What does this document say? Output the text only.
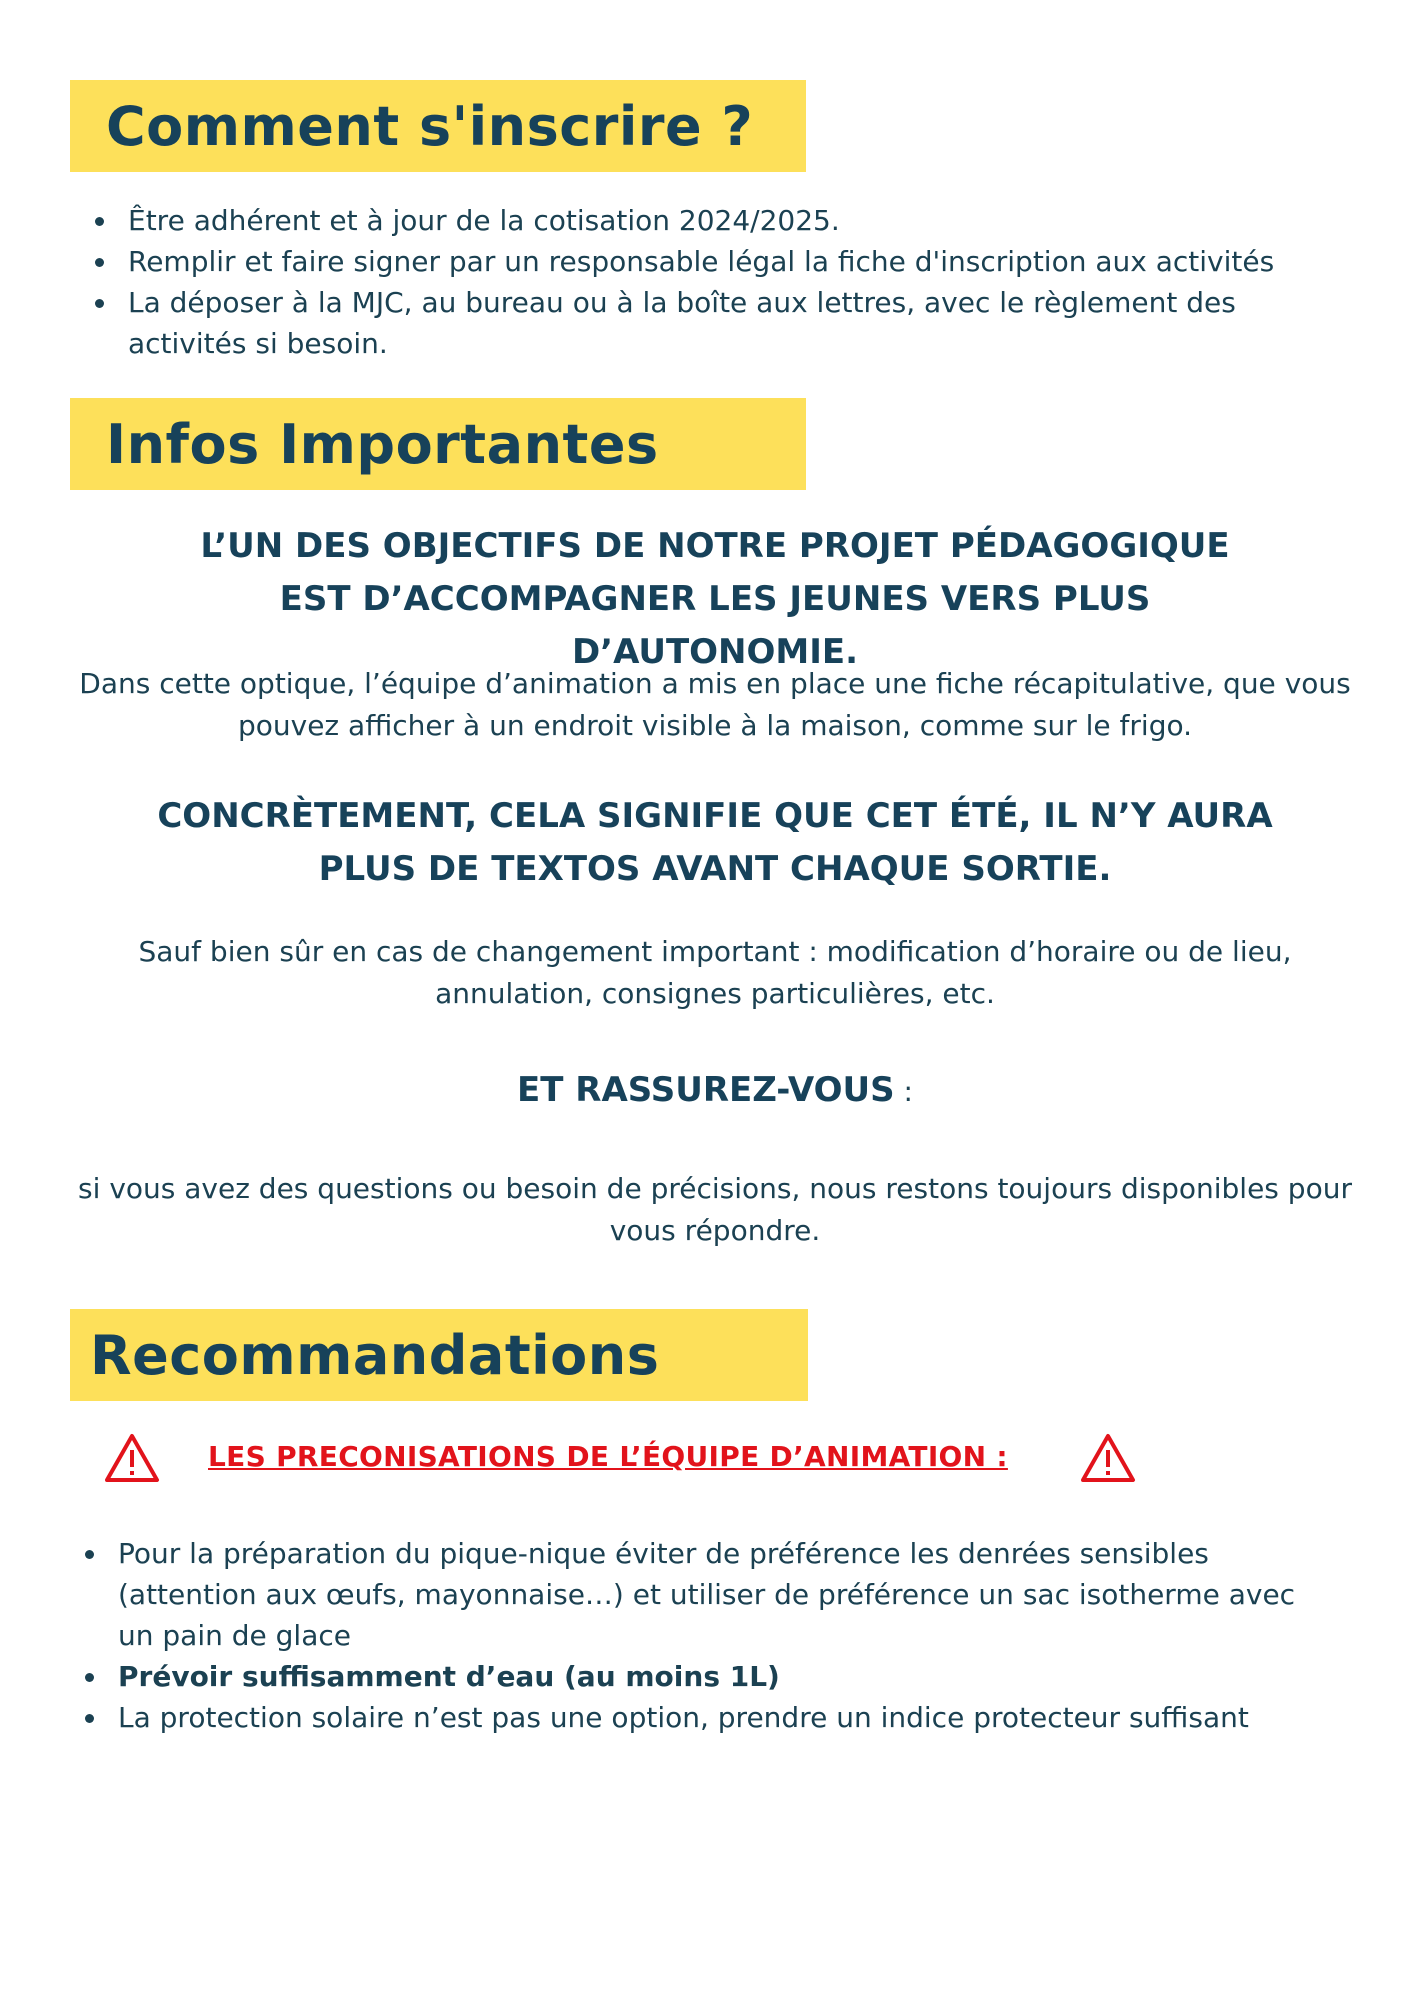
Comment s'inscrire ?
Être adhérent et à jour de la cotisation 2024/2025.
Remplir et faire signer par un responsable légal la fiche d'inscription aux activités
La déposer à la MJC, au bureau ou à la boîte aux lettres, avec le règlement des activités si besoin.
Infos Importantes
L’UN DES OBJECTIFS DE NOTRE PROJET PÉDAGOGIQUE EST D’ACCOMPAGNER LES JEUNES VERS PLUS D’AUTONOMIE.
Dans cette optique, l’équipe d’animation a mis en place une fiche récapitulative, que vous pouvez afficher à un endroit visible à la maison, comme sur le frigo.
CONCRÈTEMENT, CELA SIGNIFIE QUE CET ÉTÉ, IL N’Y AURA PLUS DE TEXTOS AVANT CHAQUE SORTIE.
Sauf bien sûr en cas de changement important : modification d’horaire ou de lieu, annulation, consignes particulières, etc.
ET RASSUREZ-VOUS :
si vous avez des questions ou besoin de précisions, nous restons toujours disponibles pour vous répondre.
Recommandations
LES PRECONISATIONS DE L’ÉQUIPE D’ANIMATION :
Pour la préparation du pique-nique éviter de préférence les denrées sensibles (attention aux œufs, mayonnaise…) et utiliser de préférence un sac isotherme avec un pain de glace
Prévoir suffisamment d’eau (au moins 1L)
La protection solaire n’est pas une option, prendre un indice protecteur suffisant
